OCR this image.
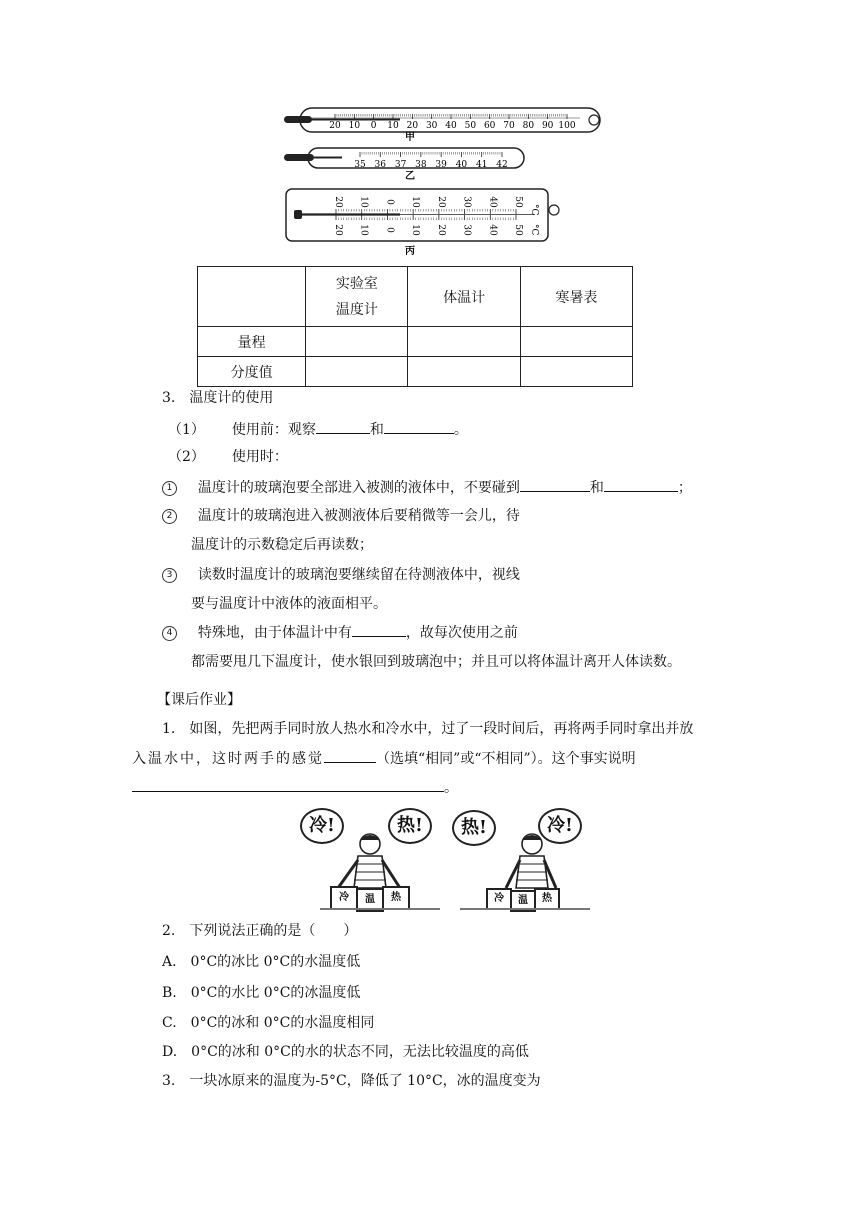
20 10 0 10 20 30 40 50 60 70 80 90 100
甲
35 36 37 38 39 40 41 42
乙
20 10 0 10 20 30 40 50
20 10 0 10 20 30 40 50
°C
°C
丙
	实验室
温度计	体温计	寒暑表
量程			
分度值			
3.　温度计的使用
（1） 使用前：观察	和	。
（2） 使用时：
1 温度计的玻璃泡要全部进入被测的液体中，不要碰到	和	；
2 温度计的玻璃泡进入被测液体后要稍微等一会儿，待
温度计的示数稳定后再读数；
3 读数时温度计的玻璃泡要继续留在待测液体中，视线
要与温度计中液体的液面相平。
4 特殊地，由于体温计中有	，故每次使用之前
都需要甩几下温度计，使水银回到玻璃泡中；并且可以将体温计离开人体读数。
【课后作业】
1.　如图，先把两手同时放人热水和冷水中，过了一段时间后，再将两手同时拿出并放
入温水中，这时两手的感觉	（选填“相同”或“不相同”）。这个事实说明
。
冷!	热!
冷	温	热
热!	冷!
冷	温	热
2.　下列说法正确的是（　　）
A.　0°C的冰比 0°C的水温度低
B.　0°C的水比 0°C的冰温度低
C.　0°C的冰和 0°C的水温度相同
D.　0°C的冰和 0°C的水的状态不同，无法比较温度的高低
3.　一块冰原来的温度为-5°C，降低了 10°C，冰的温度变为
